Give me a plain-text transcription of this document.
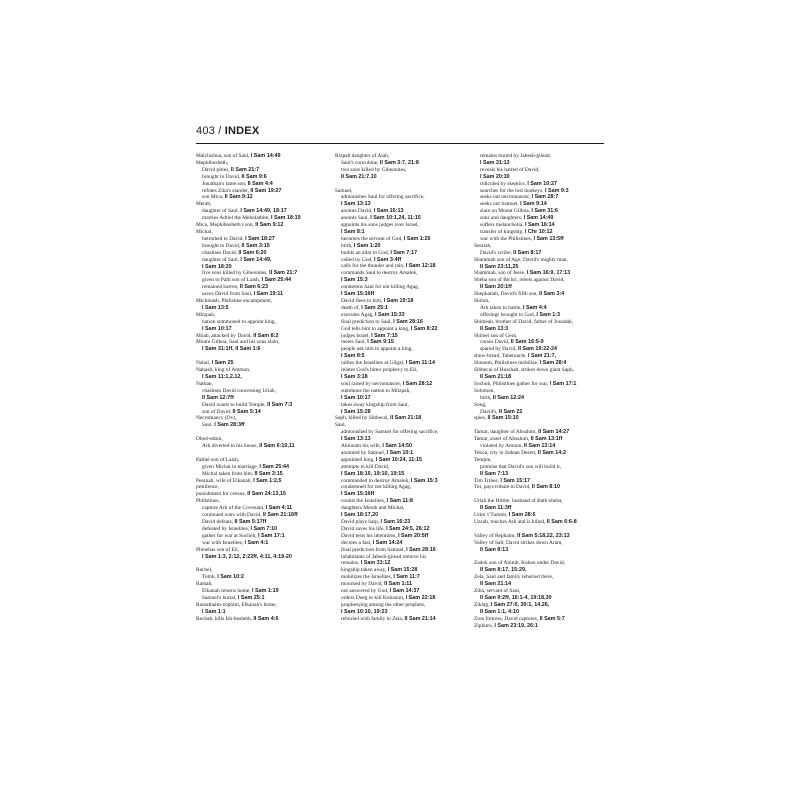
403 / INDEX
Malchishua, son of Saul, I Sam 14:49
Mephibosheth,
David pities, II Sam 21:7
brought to David, II Sam 9:6
Jonathan's lame son, II Sam 4:4
refutes Ziba's slander, II Sam 19:27
son Mica, II Sam 9:12
Merab,
daughter of Saul, I Sam 14:49, 18:17
marries Adriel the Meholathite, I Sam 18:19
Mica, Mephibosheth's son, II Sam 9:12
Michal,
betrothed to David, I Sam 18:27
brought to David, II Sam 3:15
chastises David, II Sam 6:20
daughter of Saul, I Sam 14:49,
I Sam 18:20
five sons killed by Gibeonites, II Sam 21:7
given to Palti son of Laish, I Sam 25:44
remained barren, II Sam 6:23
saves David from Saul, I Sam 19:11
Michmash, Philistine encampment,
I Sam 13:5
Mitzpah,
nation summoned to appoint king,
I Sam 10:17
Moab, attacked by David, II Sam 8:2
Mount Gilboa, Saul and his sons slain,
I Sam 31:1ff, II Sam 1:6
Nabal, I Sam 25
Nahash, king of Ammon,
I Sam 11:1,2,12,
Nathan,
chastises David concerning Uriah,
II Sam 12:7ff
David wants to build Temple, II Sam 7:3
son of David, II Sam 5:14
Necromancy (Ov),
Saul, I Sam 28:3ff
Obed-edom,
Ark diverted to his house, II Sam 6:10,11
Paltiel son of Laish,
given Michal in marriage, I Sam 25:44
Michal taken from him, II Sam 3:15
Peninah, wife of Elkanah, I Sam 1:2,5
pestilence,
punishment for census, II Sam 24:13,15
Philistines,
capture Ark of the Covenant, I Sam 4:11
continued wars with David, II Sam 21:16ff
David defeats, II Sam 5:17ff
defeated by Israelites, I Sam 7:10
gather for war at Sochoh, I Sam 17:1
war with Israelites, I Sam 4:1
Phinehas son of Eli,
I Sam 1:3, 2:12, 2:22ff, 4:11, 4:19-20
Rachel,
Tomb, I Sam 10:2
Ramah,
Elkanah returns home, I Sam 1:19
Samuel's burial, I Sam 25:1
Ramathaim-zophim, Elkanah's home,
I Sam 1:1
Rechab, kills Ish-bosheth, II Sam 4:6
Rizpah daughter of Aiah,
Saul's concubine, II Sam 3:7, 21:8
two sons killed by Gibeonites,
II Sam 21:7,10
Samuel,
admonishes Saul for offering sacrifice,
I Sam 13:13
anoints David, I Sam 16:13
anoints Saul, I Sam 10:1,24, 11:15
appoints his sons judges over Israel,
I Sam 8:1
becomes the servant of God, I Sam 1:26
birth, I Sam 1:20
builds an altar to God, I Sam 7:17
called by God, I Sam 3:4ff
calls for the thunder and rain, I Sam 12:18
commands Saul to destroy Amalek,
I Sam 15:3
condemns Saul for not killing Agag,
I Sam 15:16ff
David flees to him, I Sam 19:18
death of, I Sam 25:1
executes Agag, I Sam 15:33
final prediction to Saul, I Sam 28:16
God tells him to appoint a king, I Sam 8:22
judges Israel, I Sam 7:15
meets Saul, I Sam 9:15
people ask him to appoint a king,
I Sam 8:5
rallies the Israelites at Gilgal, I Sam 11:14
relates God's bitter prophecy to Eli,
I Sam 3:18
soul raised by necromancer, I Sam 28:12
summons the nation to Mitzpah,
I Sam 10:17
takes away kingship from Saul,
I Sam 15:28
Saph, killed by Sibbecai, II Sam 21:18
Saul,
admonished by Samuel for offering sacrifice,
I Sam 13:13
Ahinoam his wife, I Sam 14:50
anointed by Samuel, I Sam 10:1
appointed king, I Sam 10:24, 11:15
attempts to kill David,
I Sam 18:10, 19:10, 19:15
commanded to destroy Amalek, I Sam 15:3
condemned for not killing Agag,
I Sam 15:16ff
counts the Israelites, I Sam 11:8
daughters Merab and Michal,
I Sam 18:17,20
David plays harp, I Sam 16:23
David saves his life, I Sam 24:5, 26:12
David tests his intentions, I Sam 20:5ff
decrees a fast, I Sam 14:24
final prediction from Samuel, I Sam 28:16
inhabitants of Jabesh-gilead remove his
remains, I Sam 31:12
kingship taken away, I Sam 15:28
mobilizes the Israelites, I Sam 11:7
mourned by David, II Sam 1:11
not answered by God, I Sam 14:37
orders Doeg to kill Kohanim, I Sam 22:18
prophesying among the other prophets,
I Sam 10:10, 19:23
reburied with family in Zela, II Sam 21:14
remains buried by Jabesh-gilead,
I Sam 31:13
reveals his hatred of David,
I Sam 20:30
ridiculed by skeptics, I Sam 10:27
searches for the lost donkeys, I Sam 9:3
seeks out necromancer, I Sam 28:7
seeks out Samuel, I Sam 9:14
slain on Mount Gilboa, I Sam 31:6
sons and daughters, I Sam 14:49
suffers melancholia, I Sam 16:14
transfer of kingship, I Chr 10:12
war with the Philistines, I Sam 13:5ff
Seraiah,
David's scribe, II Sam 8:17
Shammah son of Age, David's mighty man,
II Sam 23:11,25
Shammah, son of Jesse, I Sam 16:9, 17:13
Sheba son of Bichri, rebels against David,
II Sam 20:1ff
Shephatiah, David's fifth son, II Sam 3:4
Shiloh,
Ark taken to battle, I Sam 4:4
offerings brought to God, I Sam 1:3
Shimeah, brother of David, father of Jonadab,
II Sam 13:3
Shimei son of Gera,
curses David, II Sam 16:5-9
spared by David, II Sam 19:22-24
show-bread, Tabernacle, I Sam 21:7,
Shunem, Philistines mobilize, I Sam 28:4
Sibbecai of Husshah, strikes down giant Saph,
II Sam 21:18
Sochoh, Philistines gather for war, I Sam 17:1
Solomon,
birth, II Sam 12:24
Song,
David's, II Sam 22
spies, II Sam 15:10
Tamar, daughter of Absalom, II Sam 14:27
Tamar, sister of Absalom, II Sam 13:1ff
violated by Amnon, II Sam 13:14
Tekoa, city in Judean Desert, II Sam 14:2
Temple,
promise that David's son will build it,
II Sam 7:13
Tim Tribes, I Sam 15:17
Toi, pays tribute to David, II Sam 8:10
Uriah the Hittite, husband of Bath-sheba,
II Sam 11:3ff
Urim v'Tumim, I Sam 28:6
Uzzah, touches Ark and is killed, II Sam 6:6-8
Valley of Rephaim, II Sam 5:18,22, 23:13
Valley of Salt, David strikes down Aram,
II Sam 8:13
Zadok son of Ahitub, Kohen under David,
II Sam 8:17, 15:29,
Zela, Saul and family reburied there,
II Sam 21:14
Ziba, servant of Saul,
II Sam 9:2ff, 16:1-4, 19:18,30
Ziklag, I Sam 27:6, 30:1, 14,26,
II Sam 1:1, 4:10
Zion fortress, David captures, II Sam 5:7
Ziphites, I Sam 23:19, 26:1
